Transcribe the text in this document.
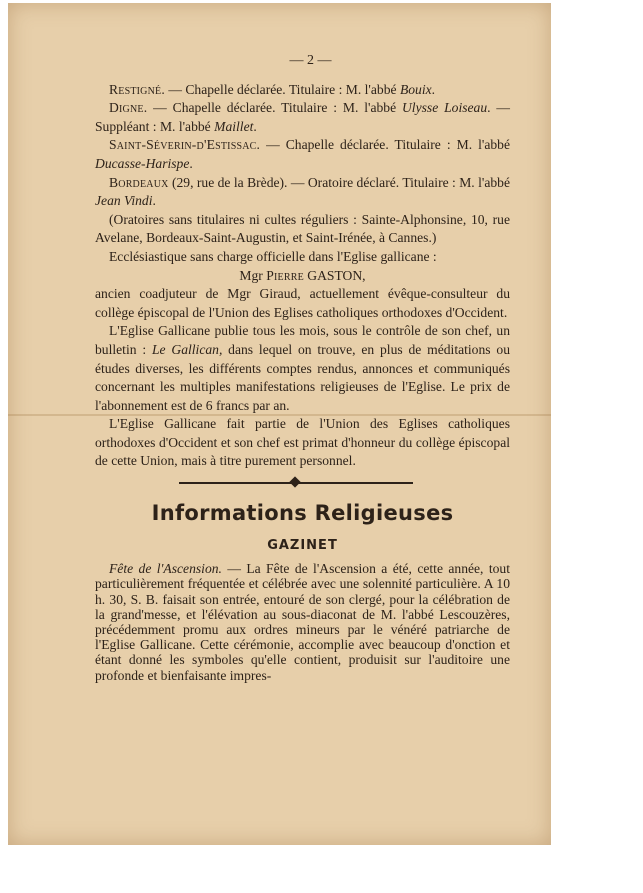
— 2 —

Restigné. — Chapelle déclarée. Titulaire : M. l'abbé Bouix.

Digne. — Chapelle déclarée. Titulaire : M. l'abbé Ulysse Loiseau. — Suppléant : M. l'abbé Maillet.

Saint-Séverin-d'Estissac. — Chapelle déclarée. Titulaire : M. l'abbé Ducasse-Harispe.

Bordeaux (29, rue de la Brède). — Oratoire déclaré. Titulaire : M. l'abbé Jean Vindi.

(Oratoires sans titulaires ni cultes réguliers : Sainte-Alphonsine, 10, rue Avelane, Bordeaux-Saint-Augustin, et Saint-Irénée, à Cannes.)

Ecclésiastique sans charge officielle dans l'Eglise gallicane :

Mgr Pierre GASTON,

ancien coadjuteur de Mgr Giraud, actuellement évêque-consulteur du collège épiscopal de l'Union des Eglises catholiques orthodoxes d'Occident.

L'Eglise Gallicane publie tous les mois, sous le contrôle de son chef, un bulletin : Le Gallican, dans lequel on trouve, en plus de méditations ou études diverses, les différents comptes rendus, annonces et communiqués concernant les multiples manifestations religieuses de l'Eglise. Le prix de l'abonnement est de 6 francs par an.

L'Eglise Gallicane fait partie de l'Union des Eglises catholiques orthodoxes d'Occident et son chef est primat d'honneur du collège épiscopal de cette Union, mais à titre purement personnel.

Informations Religieuses
GAZINET

Fête de l'Ascension. — La Fête de l'Ascension a été, cette année, tout particulièrement fréquentée et célébrée avec une solennité particulière. A 10 h. 30, S. B. faisait son entrée, entouré de son clergé, pour la célébration de la grand'messe, et l'élévation au sous-diaconat de M. l'abbé Lescouzères, précédemment promu aux ordres mineurs par le vénéré patriarche de l'Eglise Gallicane. Cette cérémonie, accomplie avec beaucoup d'onction et étant donné les symboles qu'elle contient, produisit sur l'auditoire une profonde et bienfaisante impres-
